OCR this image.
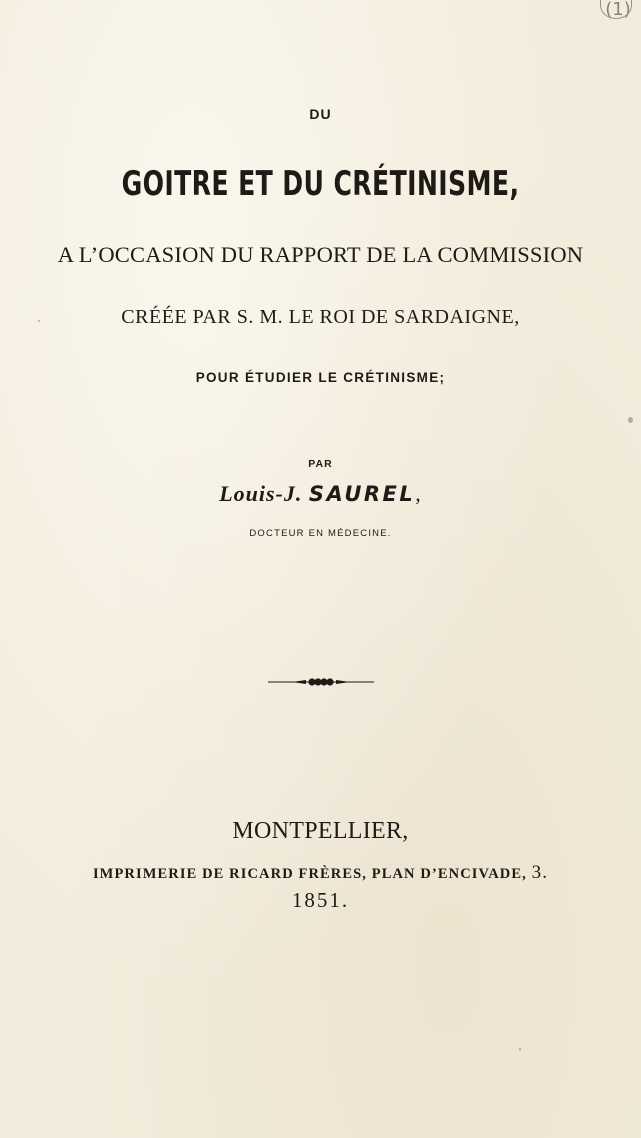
(1)
DU
GOITRE ET DU CRÉTINISME,
A L’OCCASION DU RAPPORT DE LA COMMISSION
CRÉÉE PAR S. M. LE ROI DE SARDAIGNE,
POUR ÉTUDIER LE CRÉTINISME;
PAR
Louis-J. SAUREL,
DOCTEUR EN MÉDECINE.
MONTPELLIER,
IMPRIMERIE DE RICARD FRÈRES, PLAN D’ENCIVADE, 3.
1851.
